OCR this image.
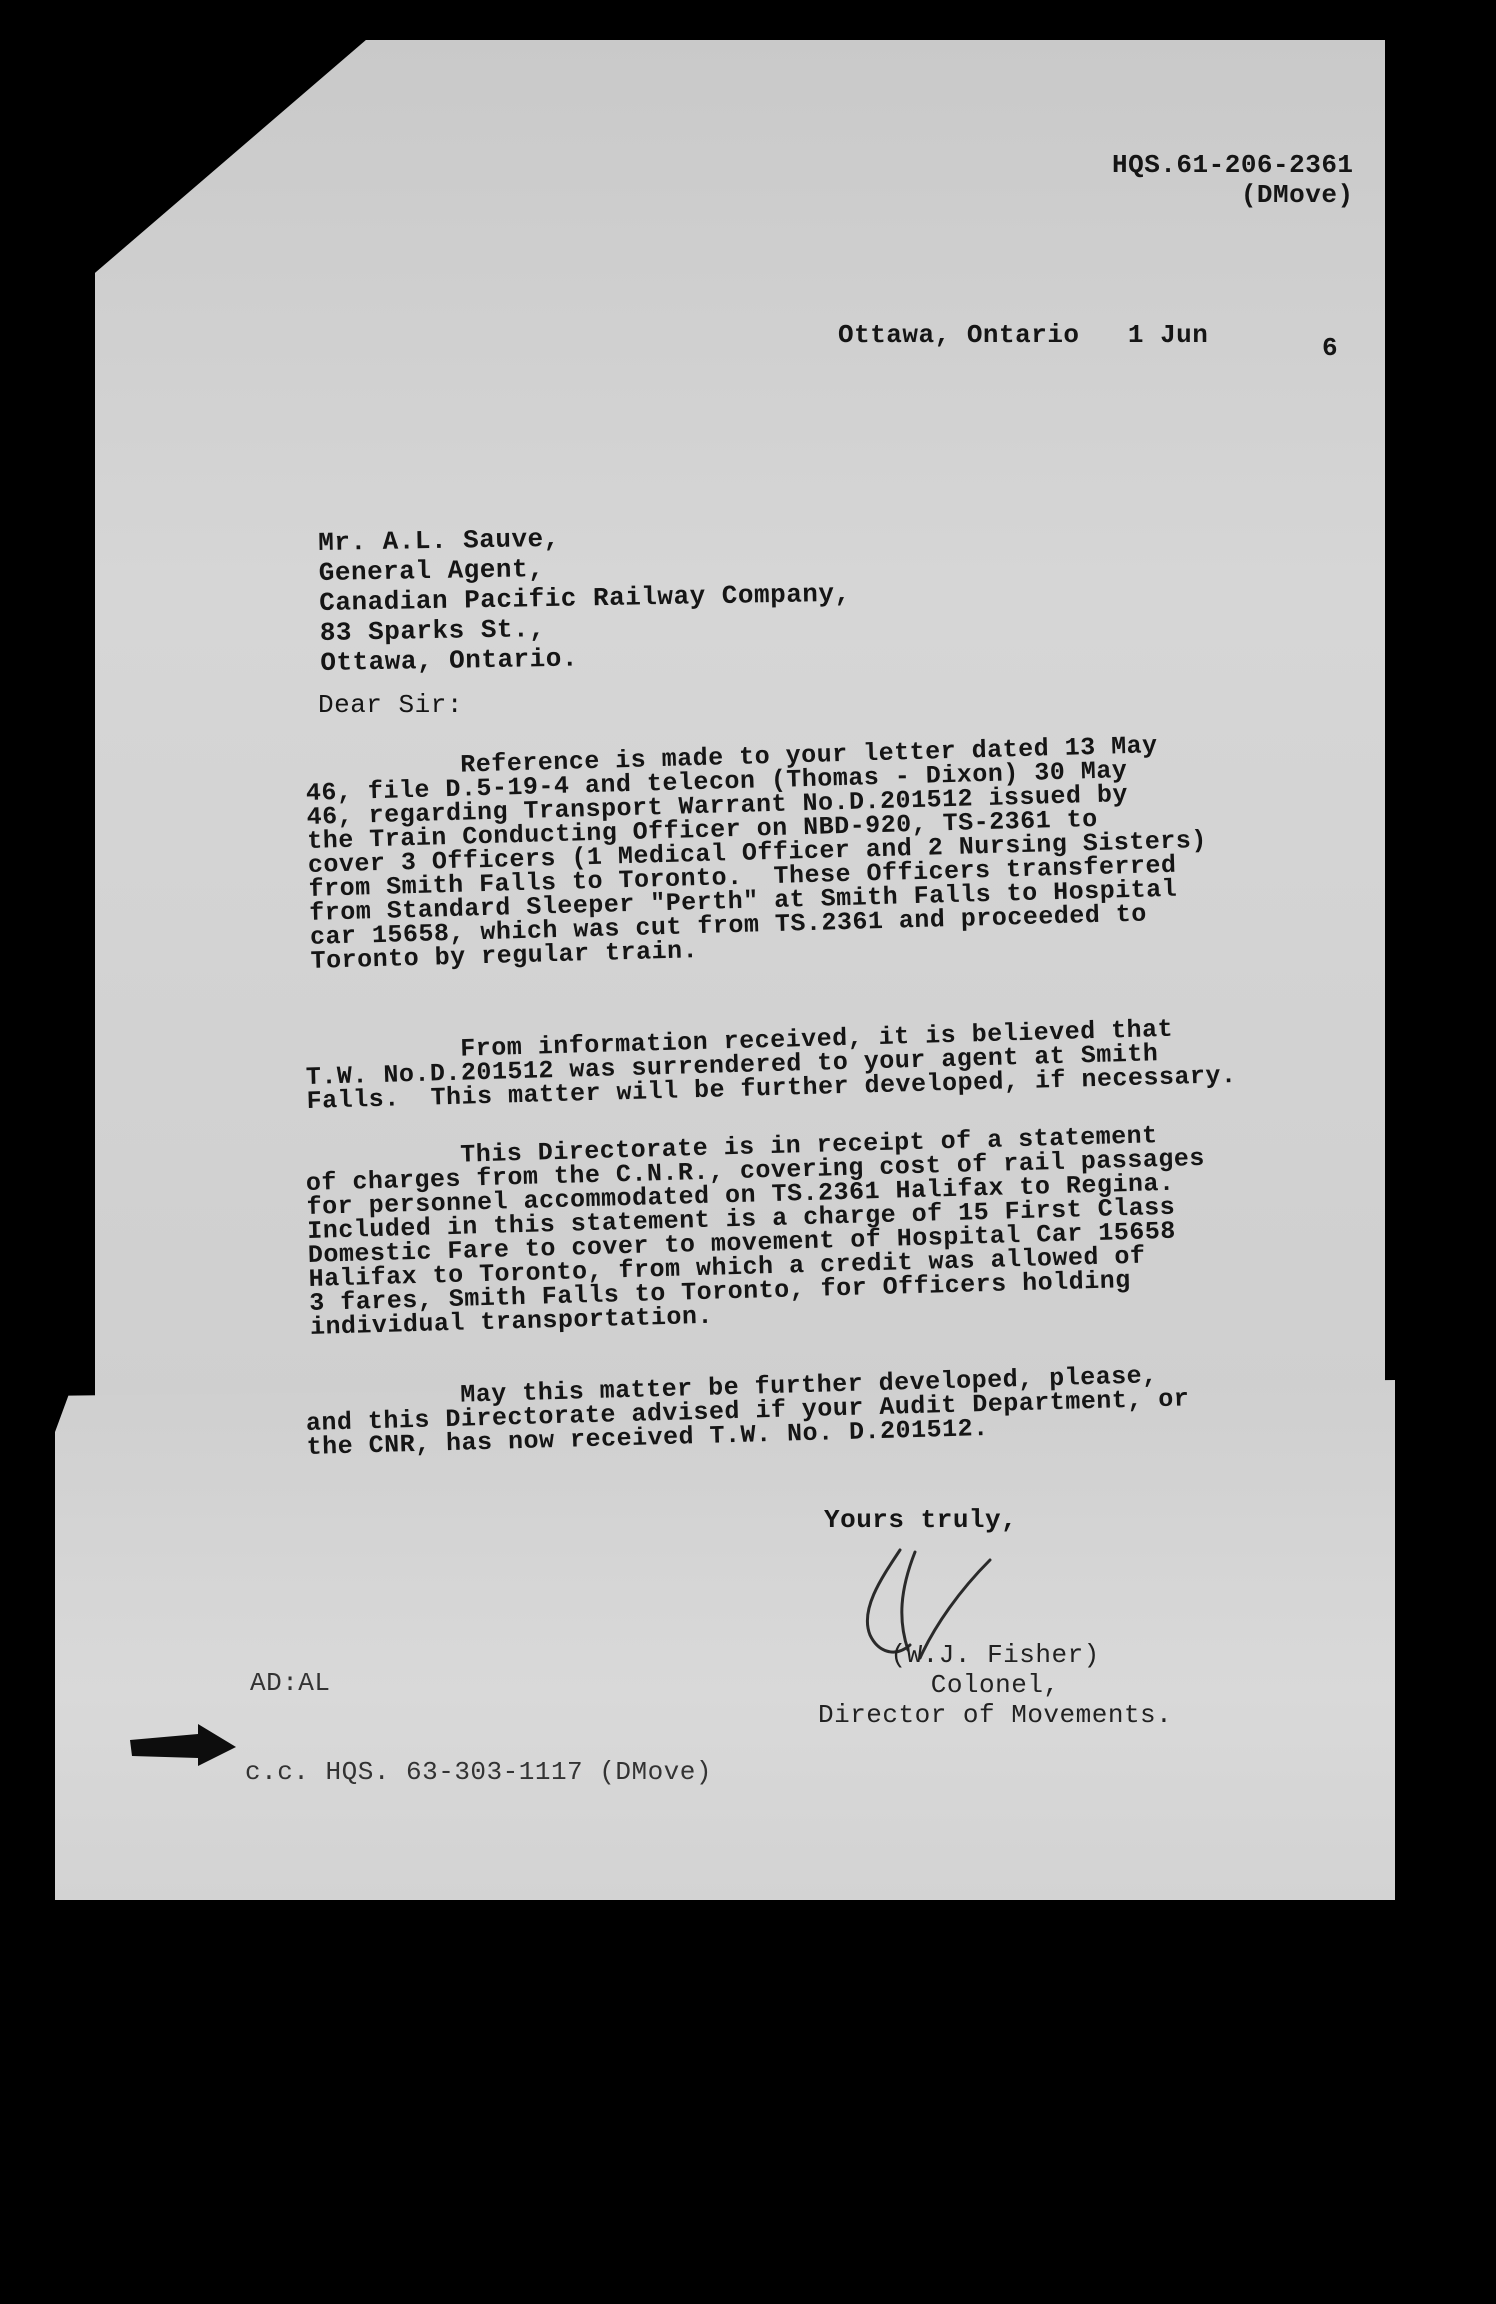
HQS.61-206-2361
(DMove)
Ottawa, Ontario 1 Jun	6
Mr. A.L. Sauve,
General Agent,
Canadian Pacific Railway Company,
83 Sparks St.,
Ottawa, Ontario.
Dear Sir:
Reference is made to your letter dated 13 May
46, file D.5-19-4 and telecon (Thomas - Dixon) 30 May
46, regarding Transport Warrant No.D.201512 issued by
the Train Conducting Officer on NBD-920, TS-2361 to
cover 3 Officers (1 Medical Officer and 2 Nursing Sisters)
from Smith Falls to Toronto.  These Officers transferred
from Standard Sleeper "Perth" at Smith Falls to Hospital
car 15658, which was cut from TS.2361 and proceeded to
Toronto by regular train.
From information received, it is believed that
T.W. No.D.201512 was surrendered to your agent at Smith
Falls.  This matter will be further developed, if necessary.
This Directorate is in receipt of a statement
of charges from the C.N.R., covering cost of rail passages
for personnel accommodated on TS.2361 Halifax to Regina.
Included in this statement is a charge of 15 First Class
Domestic Fare to cover to movement of Hospital Car 15658
Halifax to Toronto, from which a credit was allowed of
3 fares, Smith Falls to Toronto, for Officers holding
individual transportation.
May this matter be further developed, please,
and this Directorate advised if your Audit Department, or
the CNR, has now received T.W. No. D.201512.
Yours truly,
(W.J. Fisher)
Colonel,
Director of Movements.
AD:AL
c.c. HQS. 63-303-1117 (DMove)
